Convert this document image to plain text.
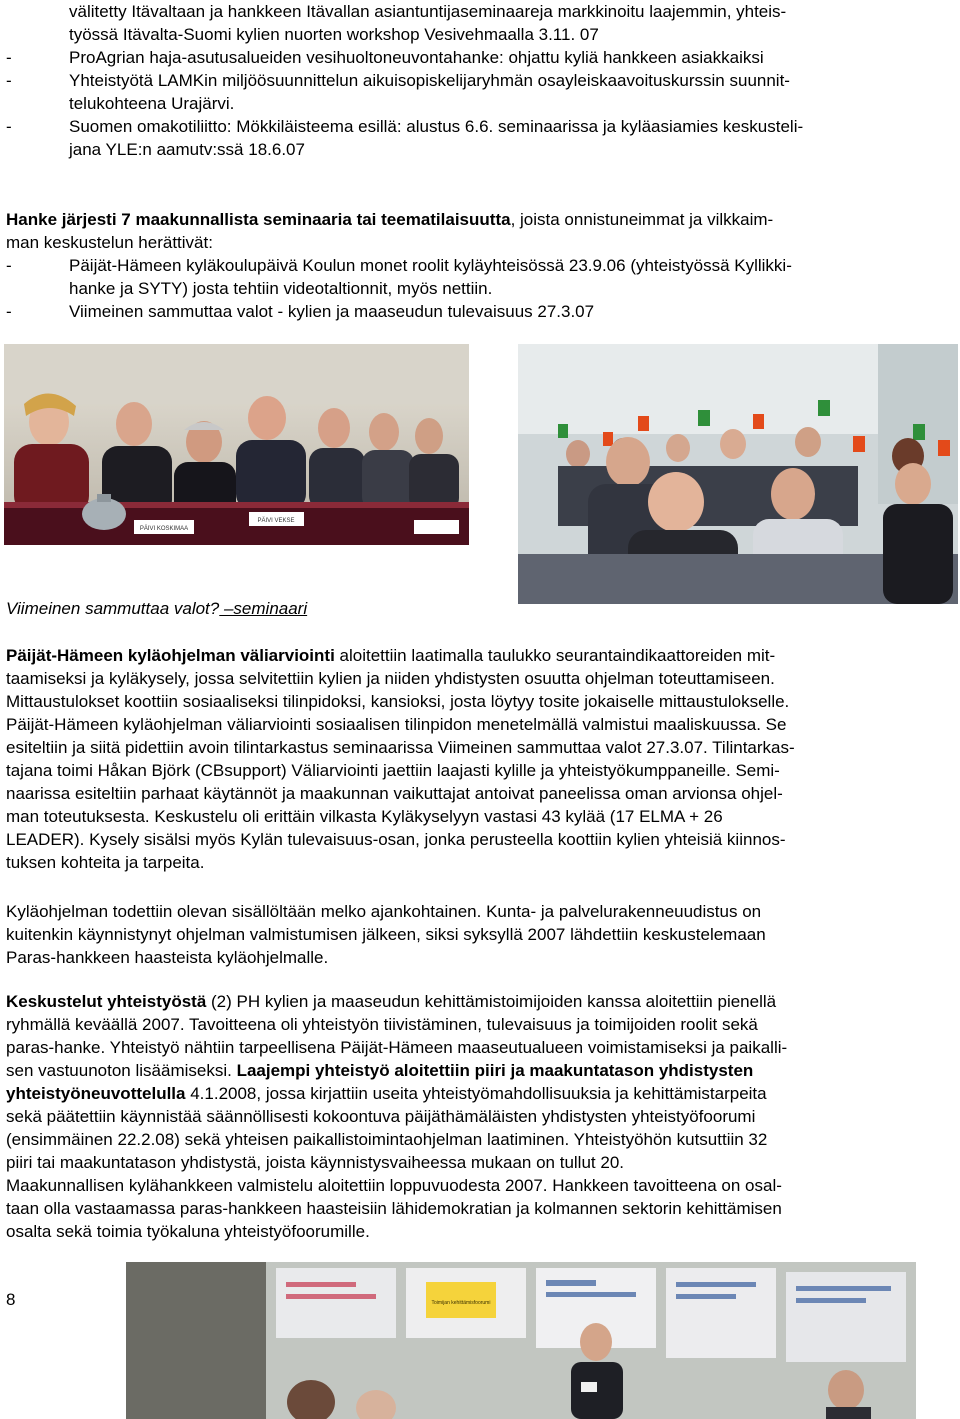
välitetty Itävaltaan ja hankkeen Itävallan asiantuntijaseminaareja markkinoitu laajemmin, yhteis-
työssä Itävalta-Suomi kylien nuorten workshop Vesivehmaalla 3.11. 07
-	ProAgrian haja-asutusalueiden vesihuoltoneuvontahanke: ohjattu kyliä hankkeen asiakkaiksi
-	Yhteistyötä LAMKin miljöösuunnittelun aikuisopiskelijaryhmän osayleiskaavoituskurssin suunnit-
telukohteena Urajärvi.
-	Suomen omakotiliitto: Mökkiläisteema esillä: alustus 6.6. seminaarissa ja kyläasiamies keskusteli-
jana YLE:n aamutv:ssä 18.6.07
Hanke järjesti 7 maakunnallista seminaaria tai teematilaisuutta, joista onnistuneimmat ja vilkkaim-
man keskustelun herättivät:
-	Päijät-Hämeen kyläkoulupäivä Koulun monet roolit kyläyhteisössä 23.9.06 (yhteistyössä Kyllikki-
hanke ja SYTY) josta tehtiin videotaltionnit, myös nettiin.
-	Viimeinen sammuttaa valot - kylien ja maaseudun tulevaisuus 27.3.07
PÄIVI KOSKIMAA
PÄIVI VEKSE
Viimeinen sammuttaa valot? –seminaari
Päijät-Hämeen kyläohjelman väliarviointi aloitettiin laatimalla taulukko seurantaindikaattoreiden mit-
taamiseksi ja kyläkysely, jossa selvitettiin kylien ja niiden yhdistysten osuutta ohjelman toteuttamiseen.
Mittaustulokset koottiin sosiaaliseksi tilinpidoksi, kansioksi, josta löytyy tosite jokaiselle mittaustulokselle.
Päijät-Hämeen kyläohjelman väliarviointi sosiaalisen tilinpidon menetelmällä valmistui maaliskuussa. Se
esiteltiin ja siitä pidettiin avoin tilintarkastus seminaarissa Viimeinen sammuttaa valot 27.3.07. Tilintarkas-
tajana toimi Håkan Björk (CBsupport) Väliarviointi jaettiin laajasti kylille ja yhteistyökumppaneille. Semi-
naarissa esiteltiin parhaat käytännöt ja maakunnan vaikuttajat antoivat paneelissa oman arvionsa ohjel-
man toteutuksesta. Keskustelu oli erittäin vilkasta Kyläkyselyyn vastasi 43 kylää (17 ELMA + 26
LEADER). Kysely sisälsi myös Kylän tulevaisuus-osan, jonka perusteella koottiin kylien yhteisiä kiinnos-
tuksen kohteita ja tarpeita.
Kyläohjelman todettiin olevan sisällöltään melko ajankohtainen. Kunta- ja palvelurakenneuudistus on
kuitenkin käynnistynyt ohjelman valmistumisen jälkeen, siksi syksyllä 2007 lähdettiin keskustelemaan
Paras-hankkeen haasteista kyläohjelmalle.
Keskustelut yhteistyöstä (2) PH kylien ja maaseudun kehittämistoimijoiden kanssa aloitettiin pienellä
ryhmällä keväällä 2007. Tavoitteena oli yhteistyön tiivistäminen, tulevaisuus ja toimijoiden roolit sekä
paras-hanke. Yhteistyö nähtiin tarpeellisena Päijät-Hämeen maaseutualueen voimistamiseksi ja paikalli-
sen vastuunoton lisäämiseksi. Laajempi yhteistyö aloitettiin piiri ja maakuntatason yhdistysten
yhteistyöneuvottelulla 4.1.2008, jossa kirjattiin useita yhteistyömahdollisuuksia ja kehittämistarpeita
sekä päätettiin käynnistää säännöllisesti kokoontuva päijäthämäläisten yhdistysten yhteistyöfoorumi
(ensimmäinen 22.2.08) sekä yhteisen paikallistoimintaohjelman laatiminen. Yhteistyöhön kutsuttiin 32
piiri tai maakuntatason yhdistystä, joista käynnistysvaiheessa mukaan on tullut 20.
Maakunnallisen kylähankkeen valmistelu aloitettiin loppuvuodesta 2007. Hankkeen tavoitteena on osal-
taan olla vastaamassa paras-hankkeen haasteisiin lähidemokratian ja kolmannen sektorin kehittämisen
osalta sekä toimia työkaluna yhteistyöfoorumille.
8	Toimijan kehittämisfoorumi
